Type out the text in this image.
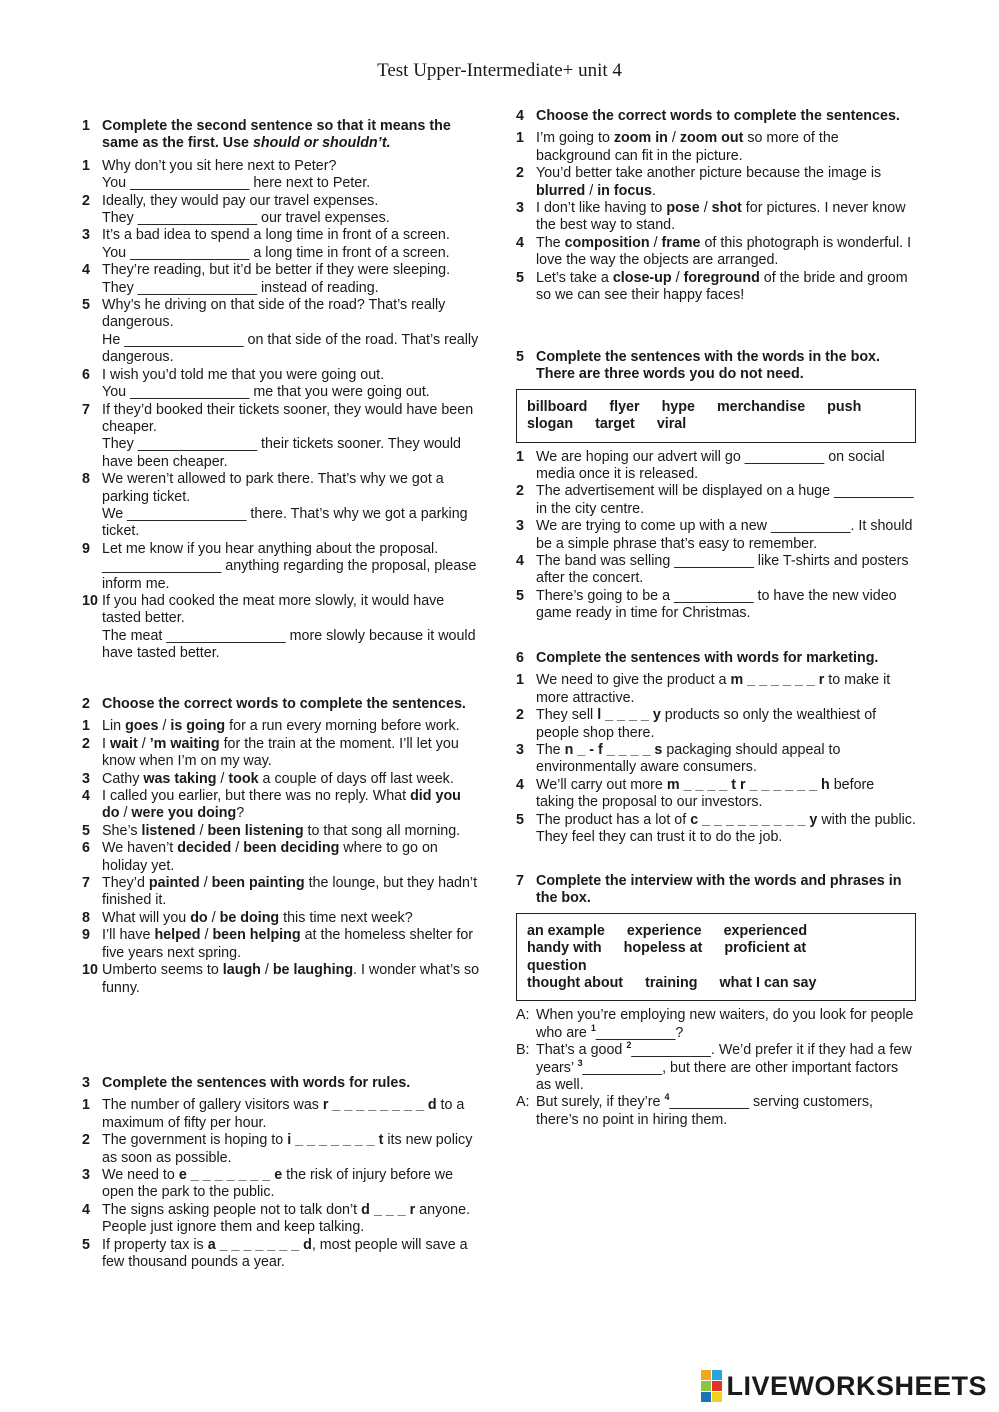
Test Upper-Intermediate+ unit 4
1 Complete the second sentence so that it means the same as the first. Use should or shouldn’t.
1 Why don’t you sit here next to Peter?
You _______________ here next to Peter.
2 Ideally, they would pay our travel expenses.
They _______________ our travel expenses.
3 It’s a bad idea to spend a long time in front of a screen.
You _______________ a long time in front of a screen.
4 They’re reading, but it’d be better if they were sleeping.
They _______________ instead of reading.
5 Why’s he driving on that side of the road? That’s really dangerous.
He _______________ on that side of the road. That’s really dangerous.
6 I wish you’d told me that you were going out.
You _______________ me that you were going out.
7 If they’d booked their tickets sooner, they would have been cheaper.
They _______________ their tickets sooner. They would have been cheaper.
8 We weren’t allowed to park there. That’s why we got a parking ticket.
We _______________ there. That’s why we got a parking ticket.
9 Let me know if you hear anything about the proposal.
_______________ anything regarding the proposal, please inform me.
10 If you had cooked the meat more slowly, it would have tasted better.
The meat _______________ more slowly because it would have tasted better.
2 Choose the correct words to complete the sentences.
1 Lin goes / is going for a run every morning before work.
2 I wait / ’m waiting for the train at the moment. I’ll let you know when I’m on my way.
3 Cathy was taking / took a couple of days off last week.
4 I called you earlier, but there was no reply. What did you do / were you doing?
5 She’s listened / been listening to that song all morning.
6 We haven’t decided / been deciding where to go on holiday yet.
7 They’d painted / been painting the lounge, but they hadn’t finished it.
8 What will you do / be doing this time next week?
9 I’ll have helped / been helping at the homeless shelter for five years next spring.
10 Umberto seems to laugh / be laughing. I wonder what’s so funny.
3 Complete the sentences with words for rules.
1 The number of gallery visitors was r _ _ _ _ _ _ _ _ d to a maximum of fifty per hour.
2 The government is hoping to i _ _ _ _ _ _ _ t its new policy as soon as possible.
3 We need to e _ _ _ _ _ _ _ e the risk of injury before we open the park to the public.
4 The signs asking people not to talk don’t d _ _ _ r anyone. People just ignore them and keep talking.
5 If property tax is a _ _ _ _ _ _ _ d, most people will save a few thousand pounds a year.
4 Choose the correct words to complete the sentences.
1 I’m going to zoom in / zoom out so more of the background can fit in the picture.
2 You’d better take another picture because the image is blurred / in focus.
3 I don’t like having to pose / shot for pictures. I never know the best way to stand.
4 The composition / frame of this photograph is wonderful. I love the way the objects are arranged.
5 Let’s take a close-up / foreground of the bride and groom so we can see their happy faces!
5 Complete the sentences with the words in the box. There are three words you do not need.
billboard flyer hype merchandise push
slogan target viral
1 We are hoping our advert will go __________ on social media once it is released.
2 The advertisement will be displayed on a huge __________ in the city centre.
3 We are trying to come up with a new __________. It should be a simple phrase that’s easy to remember.
4 The band was selling __________ like T-shirts and posters after the concert.
5 There’s going to be a __________ to have the new video game ready in time for Christmas.
6 Complete the sentences with words for marketing.
1 We need to give the product a m _ _ _ _ _ _ r to make it more attractive.
2 They sell l _ _ _ _ y products so only the wealthiest of people shop there.
3 The n _ - f _ _ _ _ s packaging should appeal to environmentally aware consumers.
4 We’ll carry out more m _ _ _ _ t r _ _ _ _ _ _ h before taking the proposal to our investors.
5 The product has a lot of c _ _ _ _ _ _ _ _ _ y with the public. They feel they can trust it to do the job.
7 Complete the interview with the words and phrases in the box.
an example experience experienced
handy with hopeless at proficient atquestion
thought about training what I can say
A: When you’re employing new waiters, do you look for people who are $^1$__________?
B: That’s a good $^2$__________. We’d prefer it if they had a few years’ $^3$__________, but there are other important factors as well.
A: But surely, if they’re $^4$__________ serving customers, there’s no point in hiring them.
LIVEWORKSHEETS
